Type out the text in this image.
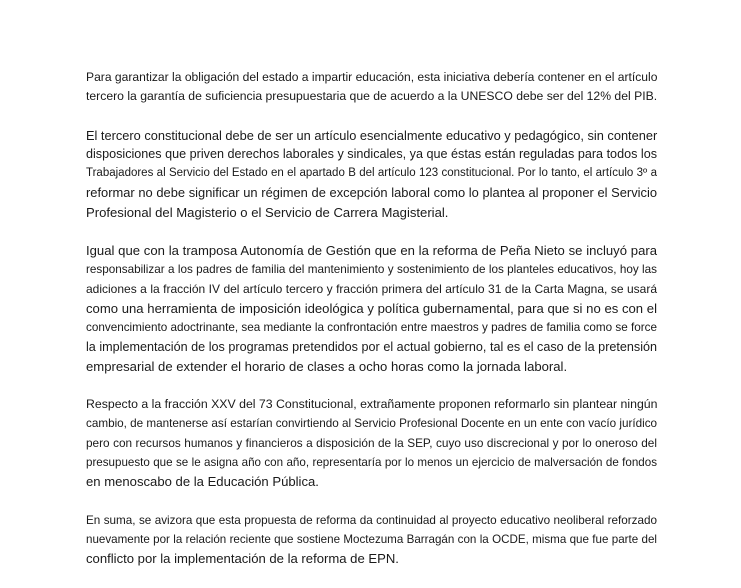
Para garantizar la obligación del estado a impartir educación, esta iniciativa debería contener en el artículo
tercero la garantía de suficiencia presupuestaria que de acuerdo a la UNESCO debe ser del 12% del PIB.

El tercero constitucional debe de ser un artículo esencialmente educativo y pedagógico, sin contener
disposiciones que priven derechos laborales y sindicales, ya que éstas están reguladas para todos los
Trabajadores al Servicio del Estado en el apartado B del artículo 123 constitucional. Por lo tanto, el artículo 3º a
reformar no debe significar un régimen de excepción laboral como lo plantea al proponer el Servicio
Profesional del Magisterio o el Servicio de Carrera Magisterial.

Igual que con la tramposa Autonomía de Gestión que en la reforma de Peña Nieto se incluyó para
responsabilizar a los padres de familia del mantenimiento y sostenimiento de los planteles educativos, hoy las
adiciones a la fracción IV del artículo tercero y fracción primera del artículo 31 de la Carta Magna, se usará
como una herramienta de imposición ideológica y política gubernamental, para que si no es con el
convencimiento adoctrinante, sea mediante la confrontación entre maestros y padres de familia como se force
la implementación de los programas pretendidos por el actual gobierno, tal es el caso de la pretensión
empresarial de extender el horario de clases a ocho horas como la jornada laboral.

Respecto a la fracción XXV del 73 Constitucional, extrañamente proponen reformarlo sin plantear ningún
cambio, de mantenerse así estarían convirtiendo al Servicio Profesional Docente en un ente con vacío jurídico
pero con recursos humanos y financieros a disposición de la SEP, cuyo uso discrecional y por lo oneroso del
presupuesto que se le asigna año con año, representaría por lo menos un ejercicio de malversación de fondos
en menoscabo de la Educación Pública.

En suma, se avizora que esta propuesta de reforma da continuidad al proyecto educativo neoliberal reforzado
nuevamente por la relación reciente que sostiene Moctezuma Barragán con la OCDE, misma que fue parte del
conflicto por la implementación de la reforma de EPN.
